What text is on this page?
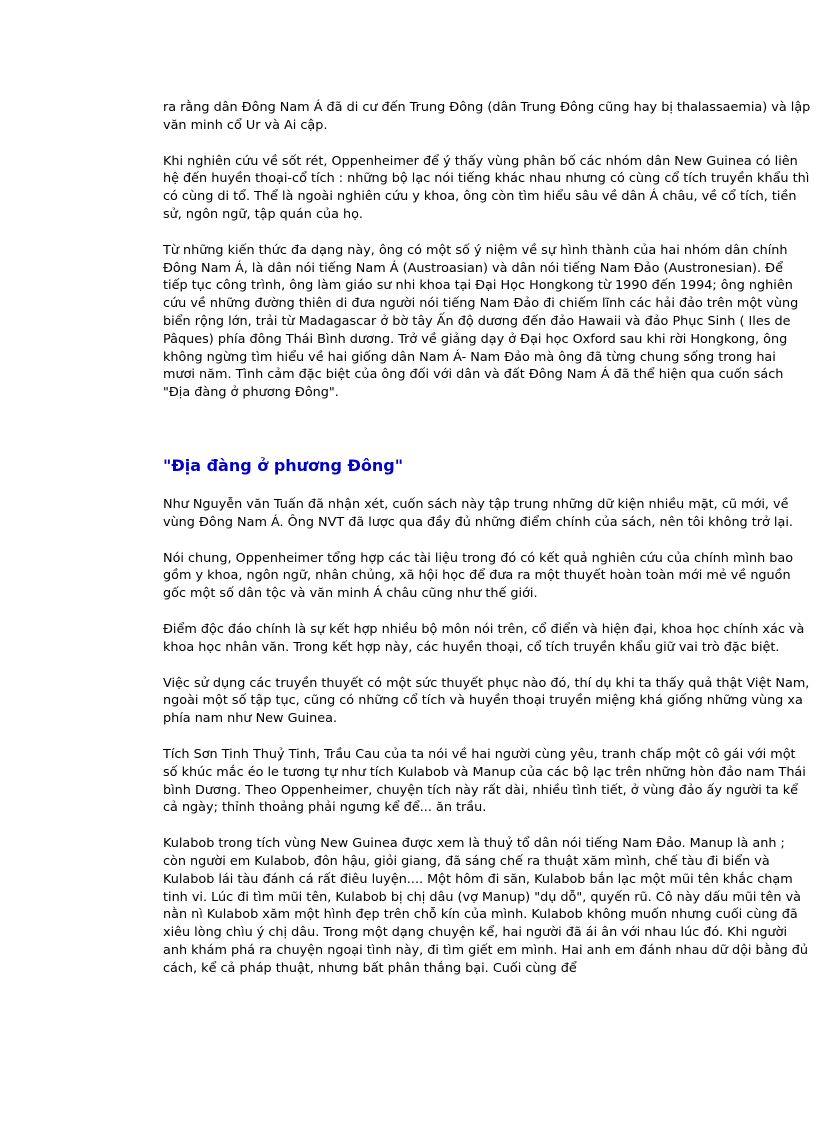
ra rằng dân Đông Nam Á đã di cư đến Trung Đông (dân Trung Đông cũng hay bị thalassaemia) và lập văn minh cổ Ur và Ai cập.

Khi nghiên cứu về sốt rét, Oppenheimer để ý thấy vùng phân bố các nhóm dân New Guinea có liên hệ đến huyền thoại-cổ tích : những bộ lạc nói tiếng khác nhau nhưng có cùng cổ tích truyền khẩu thì có cùng di tổ. Thể là ngoài nghiên cứu y khoa, ông còn tìm hiểu sâu về dân Á châu, về cổ tích, tiền sử, ngôn ngữ, tập quán của họ.

Từ những kiến thức đa dạng này, ông có một số ý niệm về sự hình thành của hai nhóm dân chính Đông Nam Á, là dân nói tiếng Nam Á (Austroasian) và dân nói tiếng Nam Đảo (Austronesian). Để tiếp tục công trình, ông làm giáo sư nhi khoa tại Đại Học Hongkong từ 1990 đến 1994; ông nghiên cứu về những đường thiên di đưa người nói tiếng Nam Đảo đi chiếm lĩnh các hải đảo trên một vùng biển rộng lớn, trải từ Madagascar ở bờ tây Ấn độ dương đến đảo Hawaii và đảo Phục Sinh ( Iles de Pâques) phía đông Thái Bình dương. Trở về giảng dạy ở Đại học Oxford sau khi rời Hongkong, ông không ngừng tìm hiểu về hai giống dân Nam Á- Nam Đảo mà ông đã từng chung sống trong hai mươi năm. Tình cảm đặc biệt của ông đối với dân và đất Đông Nam Á đã thể hiện qua cuốn sách "Địa đàng ở phương Đông".

"Địa đàng ở phương Đông"

Như Nguyễn văn Tuấn đã nhận xét, cuốn sách này tập trung những dữ kiện nhiều mặt, cũ mới, về vùng Đông Nam Á. Ông NVT đã lược qua đầy đủ những điểm chính của sách, nên tôi không trở lại.

Nói chung, Oppenheimer tổng hợp các tài liệu trong đó có kết quả nghiên cứu của chính mình bao gồm y khoa, ngôn ngữ, nhân chủng, xã hội học để đưa ra một thuyết hoàn toàn mới mẻ về nguồn gốc một số dân tộc và văn minh Á châu cũng như thế giới.

Điểm độc đáo chính là sự kết hợp nhiều bộ môn nói trên, cổ điển và hiện đại, khoa học chính xác và khoa học nhân văn. Trong kết hợp này, các huyền thoại, cổ tích truyền khẩu giữ vai trò đặc biệt.

Việc sử dụng các truyền thuyết có một sức thuyết phục nào đó, thí dụ khi ta thấy quả thật Việt Nam, ngoài một số tập tục, cũng có những cổ tích và huyền thoại truyền miệng khá giống những vùng xa phía nam như New Guinea.

Tích Sơn Tinh Thuỷ Tinh, Trầu Cau của ta nói về hai người cùng yêu, tranh chấp một cô gái với một số khúc mắc éo le tương tự như tích Kulabob và Manup của các bộ lạc trên những hòn đảo nam Thái bình Dương. Theo Oppenheimer, chuyện tích này rất dài, nhiều tình tiết, ở vùng đảo ấy người ta kể cả ngày; thỉnh thoảng phải ngưng kể để... ăn trầu.

Kulabob trong tích vùng New Guinea được xem là thuỷ tổ dân nói tiếng Nam Đảo. Manup là anh ; còn người em Kulabob, đôn hậu, giỏi giang, đã sáng chế ra thuật xăm mình, chế tàu đi biển và Kulabob lái tàu đánh cá rất điêu luyện.... Một hôm đi săn, Kulabob bắn lạc một mũi tên khắc chạm tinh vi. Lúc đi tìm mũi tên, Kulabob bị chị dâu (vợ Manup) "dụ dỗ", quyến rũ. Cô này dấu mũi tên và nằn nì Kulabob xăm một hình đẹp trên chỗ kín của mình. Kulabob không muốn nhưng cuối cùng đã xiêu lòng chìu ý chị dâu. Trong một dạng chuyện kể, hai người đã ái ân với nhau lúc đó. Khi người anh khám phá ra chuyện ngoại tình này, đi tìm giết em mình. Hai anh em đánh nhau dữ dội bằng đủ cách, kể cả pháp thuật, nhưng bất phân thắng bại. Cuối cùng để
